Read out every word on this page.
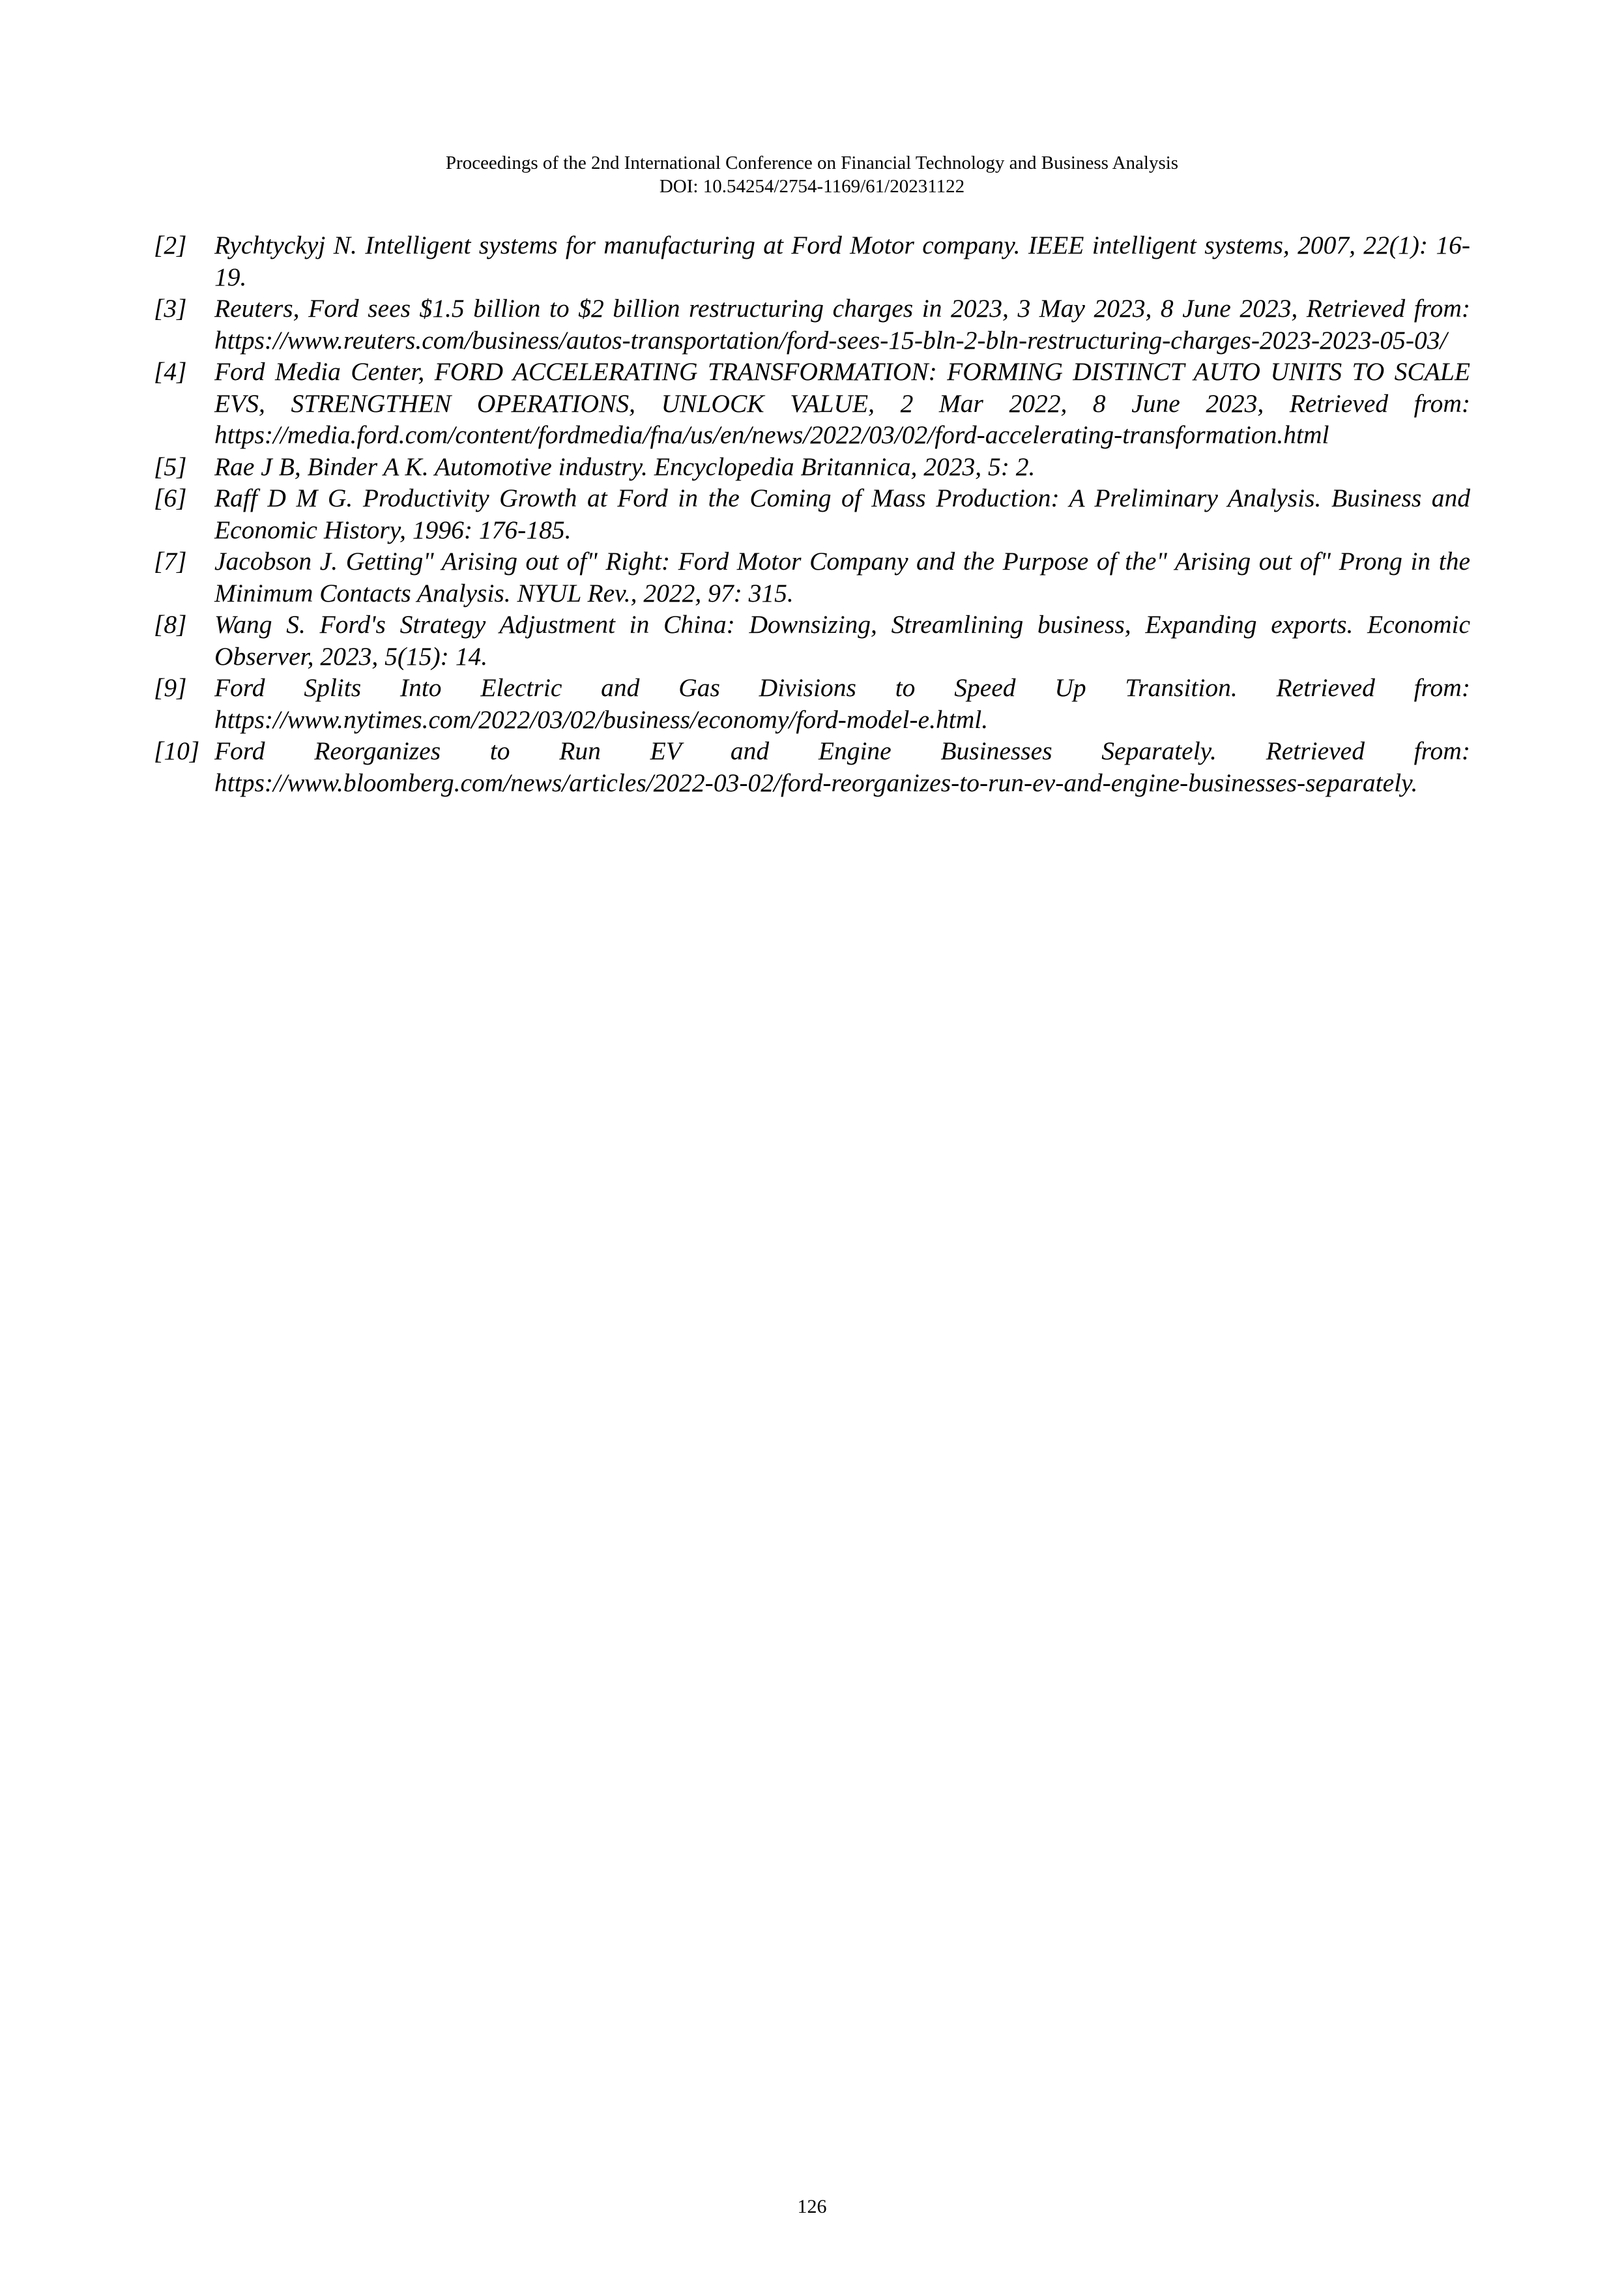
Proceedings of the 2nd International Conference on Financial Technology and Business Analysis
DOI: 10.54254/2754-1169/61/20231122
[2]	Rychtyckyj N. Intelligent systems for manufacturing at Ford Motor company. IEEE intelligent systems, 2007, 22(1): 16-19.
[3]	Reuters, Ford sees $1.5 billion to $2 billion restructuring charges in 2023, 3 May 2023, 8 June 2023, Retrieved from: https://www.reuters.com/business/autos-transportation/ford-sees-15-bln-2-bln-restructuring-charges-2023-2023-05-03/
[4]	Ford Media Center, FORD ACCELERATING TRANSFORMATION: FORMING DISTINCT AUTO UNITS TO SCALE EVS, STRENGTHEN OPERATIONS, UNLOCK VALUE, 2 Mar 2022, 8 June 2023, Retrieved from: https://media.ford.com/content/fordmedia/fna/us/en/news/2022/03/02/ford-accelerating-transformation.html
[5]	Rae J B, Binder A K. Automotive industry. Encyclopedia Britannica, 2023, 5: 2.
[6]	Raff D M G. Productivity Growth at Ford in the Coming of Mass Production: A Preliminary Analysis. Business and Economic History, 1996: 176-185.
[7]	Jacobson J. Getting" Arising out of" Right: Ford Motor Company and the Purpose of the" Arising out of" Prong in the Minimum Contacts Analysis. NYUL Rev., 2022, 97: 315.
[8]	Wang S. Ford's Strategy Adjustment in China: Downsizing, Streamlining business, Expanding exports. Economic Observer, 2023, 5(15): 14.
[9]	Ford Splits Into Electric and Gas Divisions to Speed Up Transition. Retrieved from: https://www.nytimes.com/2022/03/02/business/economy/ford-model-e.html.
[10] Ford Reorganizes to Run EV and Engine Businesses Separately. Retrieved from: https://www.bloomberg.com/news/articles/2022-03-02/ford-reorganizes-to-run-ev-and-engine-businesses-separately.
126
